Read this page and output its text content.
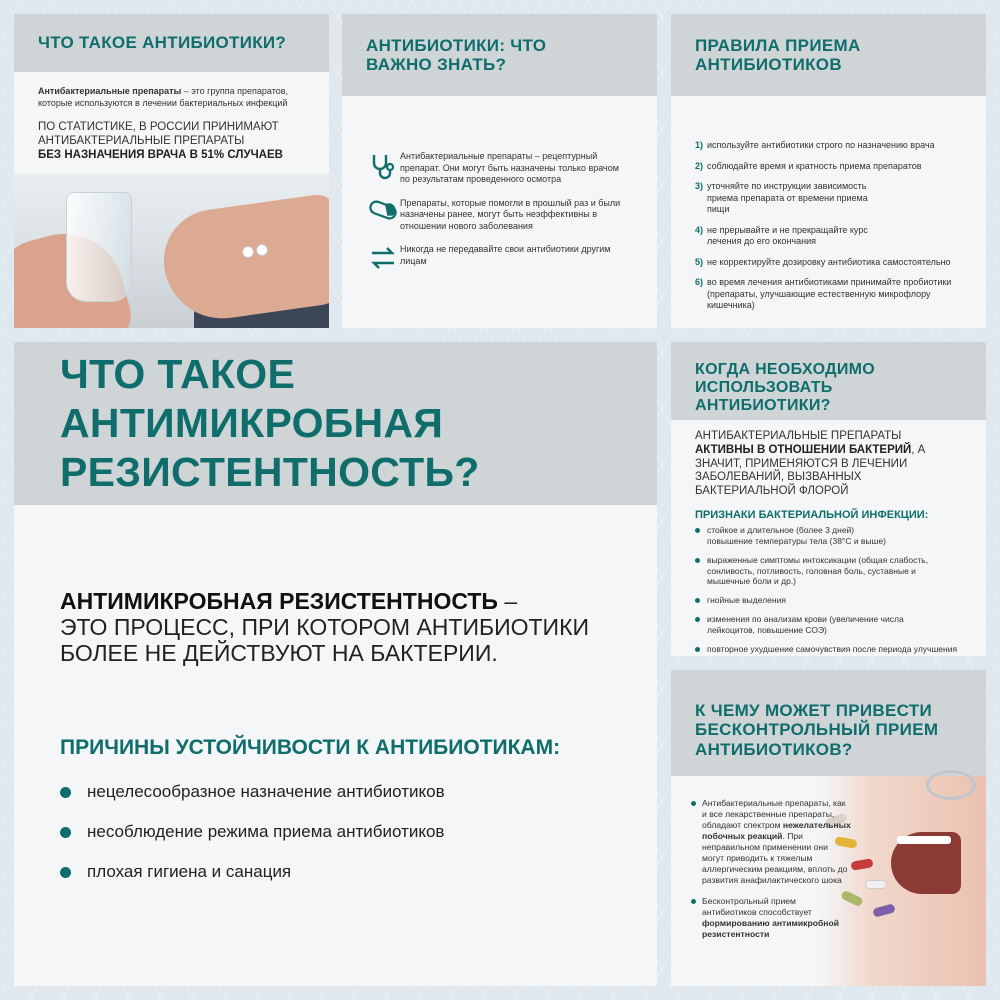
ЧТО ТАКОЕ АНТИБИОТИКИ?

Антибактериальные препараты – это группа препаратов, которые используются в лечении бактериальных инфекций

ПО СТАТИСТИКЕ, В РОССИИ ПРИНИМАЮТ
АНТИБАКТЕРИАЛЬНЫЕ ПРЕПАРАТЫ
БЕЗ НАЗНАЧЕНИЯ ВРАЧА В 51% СЛУЧАЕВ
АНТИБИОТИКИ: ЧТО ВАЖНО ЗНАТЬ?

Антибактериальные препараты – рецептурный препарат. Они могут быть назначены только врачом по результатам проведенного осмотра

Препараты, которые помогли в прошлый раз и были назначены ранее, могут быть неэффективны в отношении нового заболевания

Никогда не передавайте свои антибиотики другим лицам

ПРАВИЛА ПРИЕМА АНТИБИОТИКОВ
1) используйте антибиотики строго по назначению врача
2) соблюдайте время и кратность приема препаратов
3) уточняйте по инструкции зависимость приема препарата от времени приема пищи
4) не прерывайте и не прекращайте курс лечения до его окончания
5) не корректируйте дозировку антибиотика самостоятельно
6) во время лечения антибиотиками принимайте пробиотики (препараты, улучшающие естественную микрофлору кишечника)
ЧТО ТАКОЕ АНТИМИКРОБНАЯ
РЕЗИСТЕНТНОСТЬ?
АНТИМИКРОБНАЯ РЕЗИСТЕНТНОСТЬ –
ЭТО ПРОЦЕСС, ПРИ КОТОРОМ АНТИБИОТИКИ
БОЛЕЕ НЕ ДЕЙСТВУЮТ НА БАКТЕРИИ.
ПРИЧИНЫ УСТОЙЧИВОСТИ К АНТИБИОТИКАМ:
нецелесообразное назначение антибиотиков
несоблюдение режима приема антибиотиков
плохая гигиена и санация
КОГДА НЕОБХОДИМО
ИСПОЛЬЗОВАТЬ АНТИБИОТИКИ?

АНТИБАКТЕРИАЛЬНЫЕ ПРЕПАРАТЫ АКТИВНЫ В ОТНОШЕНИИ БАКТЕРИЙ, А ЗНАЧИТ, ПРИМЕНЯЮТСЯ В ЛЕЧЕНИИ ЗАБОЛЕВАНИЙ, ВЫЗВАННЫХ БАКТЕРИАЛЬНОЙ ФЛОРОЙ

ПРИЗНАКИ БАКТЕРИАЛЬНОЙ ИНФЕКЦИИ:
стойкое и длительное (более 3 дней) повышение температуры тела (38°С и выше)
выраженные симптомы интоксикации (общая слабость, сонливость, потливость, головная боль, суставные и мышечные боли и др.)
гнойные выделения
изменения по анализам крови (увеличение числа лейкоцитов, повышение СОЭ)
повторное ухудшение самочувствия после периода улучшения
К ЧЕМУ МОЖЕТ ПРИВЕСТИ
БЕСКОНТРОЛЬНЫЙ ПРИЕМ
АНТИБИОТИКОВ?
Антибактериальные препараты, как и все лекарственные препараты, обладают спектром нежелательных побочных реакций. При неправильном применении они могут приводить к тяжелым аллергическим реакциям, вплоть до развития анафилактического шока
Бесконтрольный прием антибиотиков способствует формированию антимикробной резистентности
